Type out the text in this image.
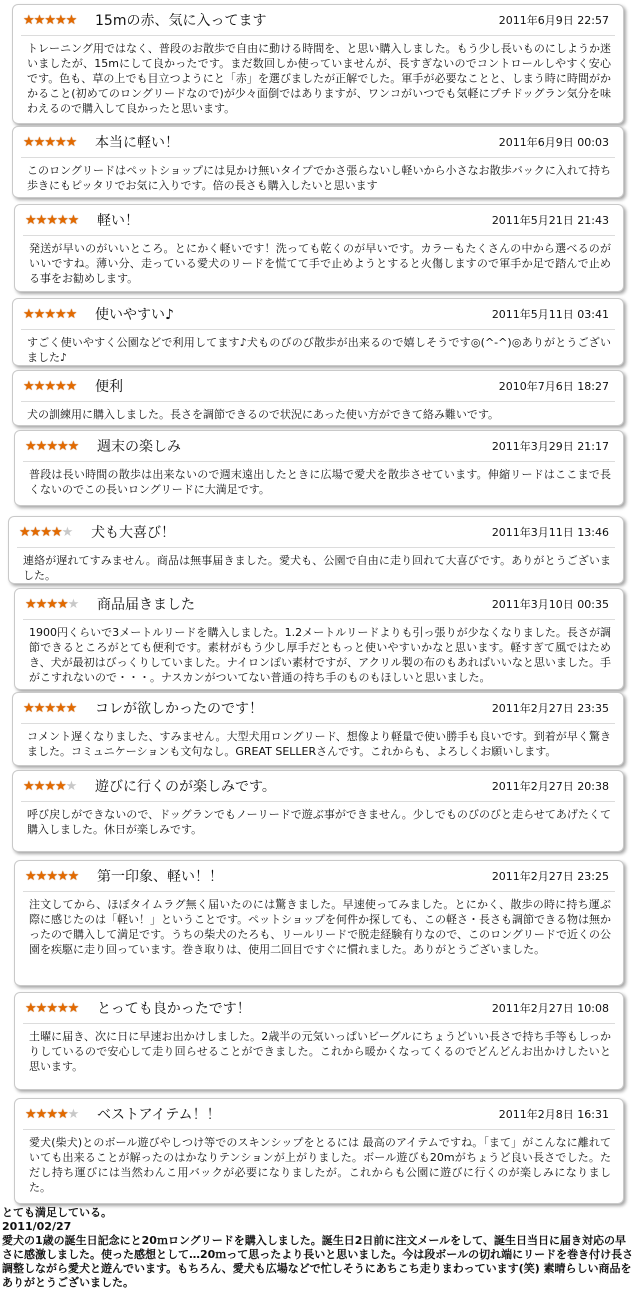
★★★★★ 15mの赤、気に入ってます	2011年6月9日 22:57
トレーニング用ではなく、普段のお散歩で自由に動ける時間を、と思い購入しました。もう少し長いものにしようか迷いましたが、15mにして良かったです。まだ数回しか使っていませんが、長すぎないのでコントロールしやすく安心です。色も、草の上でも目立つようにと「赤」を選びましたが正解でした。軍手が必要なことと、しまう時に時間がかかること(初めてのロングリードなので)が少々面倒ではありますが、ワンコがいつでも気軽にプチドッグラン気分を味わえるので購入して良かったと思います。
★★★★★ 本当に軽い！	2011年6月9日 00:03
このロングリードはペットショップには見かけ無いタイプでかさ張らないし軽いから小さなお散歩バックに入れて持ち歩きにもピッタリでお気に入りです。倍の長さも購入したいと思います
★★★★★ 軽い！	2011年5月21日 21:43
発送が早いのがいいところ。とにかく軽いです！洗っても乾くのが早いです。カラーもたくさんの中から選べるのがいいですね。薄い分、走っている愛犬のリードを慌てて手で止めようとすると火傷しますので軍手か足で踏んで止める事をお勧めします。
★★★★★ 使いやすい♪	2011年5月11日 03:41
すごく使いやすく公園などで利用してます♪犬ものびのび散歩が出来るので嬉しそうです◎(^-^)◎ありがとうございました♪
★★★★★ 便利	2010年7月6日 18:27
犬の訓練用に購入しました。長さを調節できるので状況にあった使い方ができて絡み難いです。
★★★★★ 週末の楽しみ	2011年3月29日 21:17
普段は長い時間の散歩は出来ないので週末遠出したときに広場で愛犬を散歩させています。伸縮リードはここまで長くないのでこの長いロングリードに大満足です。
★★★★★ 犬も大喜び！	2011年3月11日 13:46
連絡が遅れてすみません。商品は無事届きました。愛犬も、公園で自由に走り回れて大喜びです。ありがとうございました。
★★★★★ 商品届きました	2011年3月10日 00:35
1900円くらいで3メートルリードを購入しました。1.2メートルリードよりも引っ張りが少なくなりました。長さが調節できるところがとても便利です。素材がもう少し厚手だともっと使いやすいかなと思います。軽すぎて風ではためき、犬が最初はびっくりしていました。ナイロンぽい素材ですが、アクリル製の布のもあればいいなと思いました。手がこすれないので・・・。ナスカンがついてない普通の持ち手のものもほしいと思いました。
★★★★★ コレが欲しかったのです！	2011年2月27日 23:35
コメント遅くなりました、すみません。大型犬用ロングリード、想像より軽量で使い勝手も良いです。到着が早く驚きました。コミュニケーションも文句なし。GREAT SELLERさんです。これからも、よろしくお願いします。
★★★★★ 遊びに行くのが楽しみです。	2011年2月27日 20:38
呼び戻しができないので、ドッグランでもノーリードで遊ぶ事ができません。少しでものびのびと走らせてあげたくて購入しました。休日が楽しみです。
★★★★★ 第一印象、軽い！！	2011年2月27日 23:25
注文してから、ほぼタイムラグ無く届いたのには驚きました。早速使ってみました。とにかく、散歩の時に持ち運ぶ際に感じたのは「軽い！」ということです。ペットショップを何件か探しても、この軽さ・長さも調節できる物は無かったので購入して満足です。うちの柴犬のたろも、リールリードで脱走経験有りなので、このロングリードで近くの公園を疾駆に走り回っています。巻き取りは、使用二回目ですぐに慣れました。ありがとうございました。
★★★★★ とっても良かったです！	2011年2月27日 10:08
土曜に届き、次に日に早速お出かけしました。2歳半の元気いっぱいビーグルにちょうどいい長さで持ち手等もしっかりしているので安心して走り回らせることができました。これから暖かくなってくるのでどんどんお出かけしたいと思います。
★★★★★ ベストアイテム！！	2011年2月8日 16:31
愛犬(柴犬)とのボール遊びやしつけ等でのスキンシップをとるには 最高のアイテムですね。「まて」がこんなに離れていても出来ることが解ったのはかなりテンションが上がりました。ボール遊びも20mがちょうど良い長さでした。ただし持ち運びには当然わんこ用バックが必要になりましたが。これからも公園に遊びに行くのが楽しみになりました。
とても満足している。
2011/02/27
愛犬の1歳の誕生日記念にと20ｍロングリードを購入しました。誕生日2日前に注文メールをして、誕生日当日に届き対応の早さに感激しました。使った感想として…20ｍって思ったより長いと思いました。今は段ボールの切れ端にリードを巻き付け長さ調整しながら愛犬と遊んでいます。もちろん、愛犬も広場などで忙しそうにあちこち走りまわっています(笑) 素晴らしい商品をありがとうございました。
